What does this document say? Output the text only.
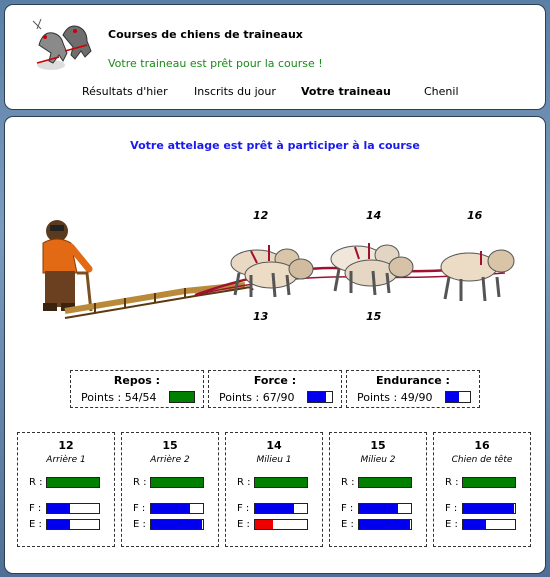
Courses de chiens de traineaux
Votre traineau est prêt pour la course !
Résultats d'hier Inscrits du jour Votre traineau	Chenil
Votre attelage est prêt à participer à la course
12	14	16
13	15
Repos :
Points : 54/54
Force :
Points : 67/90
Endurance :
Points : 49/90
12
Arrière 1
R :
F :
E :
15
Arrière 2
R :
F :
E :
14
Milieu 1
R :
F :
E :
15
Milieu 2
R :
F :
E :
16
Chien de tête
R :
F :
E :
